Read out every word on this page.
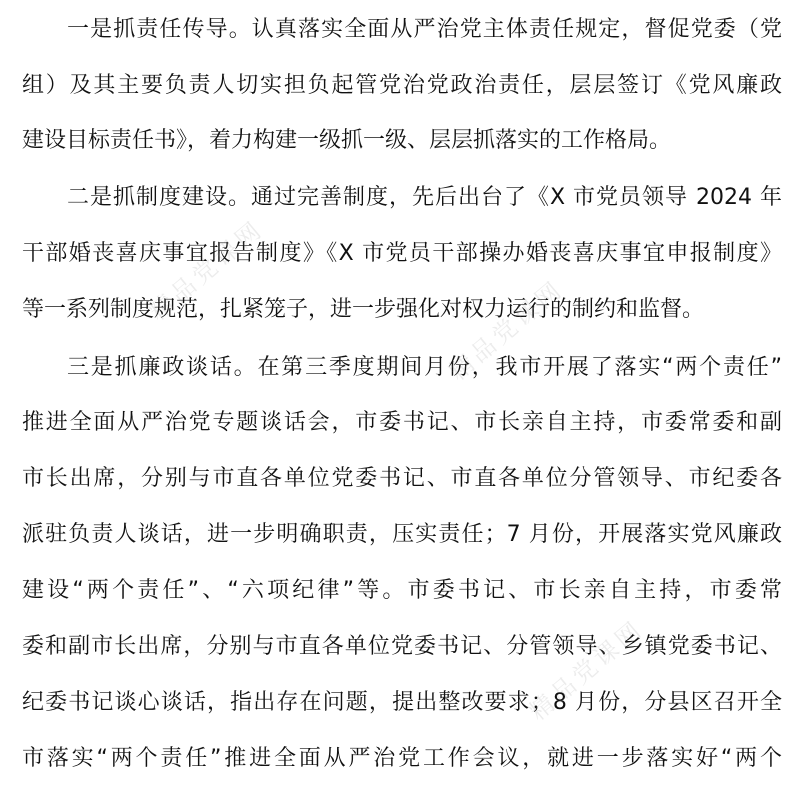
一是抓责任传导。认真落实全面从严治党主体责任规定，督促党委（党
组）及其主要负责人切实担负起管党治党政治责任，层层签订《党风廉政
建设目标责任书》，着力构建一级抓一级、层层抓落实的工作格局。
二是抓制度建设。通过完善制度，先后出台了《X 市党员领导 2024 年
干部婚丧喜庆事宜报告制度》《X 市党员干部操办婚丧喜庆事宜申报制度》
等一系列制度规范，扎紧笼子，进一步强化对权力运行的制约和监督。
三是抓廉政谈话。在第三季度期间月份，我市开展了落实“两个责任”
推进全面从严治党专题谈话会，市委书记、市长亲自主持，市委常委和副
市长出席，分别与市直各单位党委书记、市直各单位分管领导、市纪委各
派驻负责人谈话，进一步明确职责，压实责任；7 月份，开展落实党风廉政
建设“两个责任”、“六项纪律”等。市委书记、市长亲自主持，市委常
委和副市长出席，分别与市直各单位党委书记、分管领导、乡镇党委书记、
纪委书记谈心谈话，指出存在问题，提出整改要求；8 月份，分县区召开全
市落实“两个责任”推进全面从严治党工作会议，就进一步落实好“两个
精品党课网
精品党课网
精品党课网
